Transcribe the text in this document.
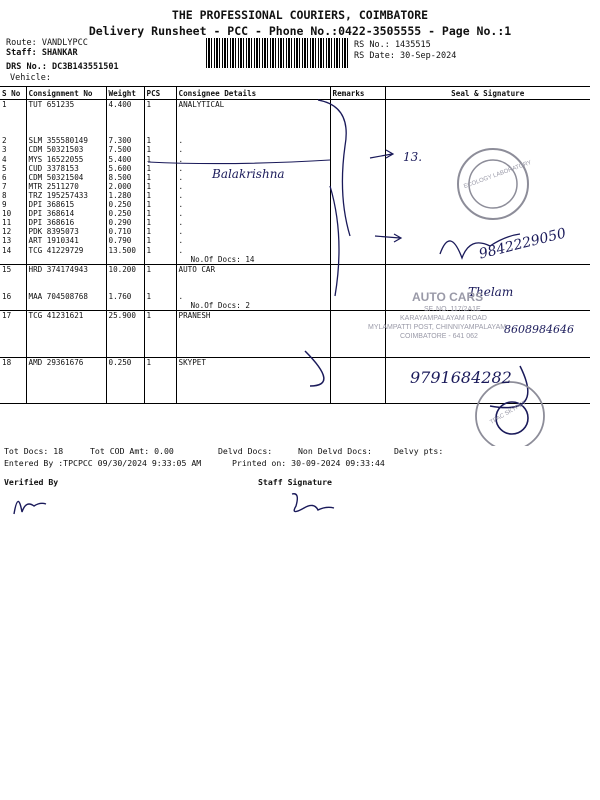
THE PROFESSIONAL COURIERS, COIMBATORE
Delivery Runsheet - PCC - Phone No.:0422-3505555 - Page No.:1
Route: VANDLYPCC
Staff: SHANKAR
DRS No.: DC3B143551501
Vehicle:
RS No.: 1435515
RS Date: 30-Sep-2024
S No	Consignment No	Weight	PCS	Consignee Details	Remarks	Seal & Signature
1	TUT 651235	4.400	1	ANALYTICAL		

2	SLM 355580149	7.300	1	.		
3	CDM 50321503	7.500	1	.		
4	MYS 16522055	5.400	1	.		
5	CUD 3378153	5.600	1	.		
6	CDM 50321504	8.500	1	.		
7	MTR 2511270	2.000	1	.		
8	TRZ 195257433	1.280	1	.		
9	DPI 368615	0.250	1	.		
10	DPI 368614	0.250	1	.		
11	DPI 368616	0.290	1	.		
12	PDK 8395073	0.710	1	.		
13	ART 1910341	0.790	1	.		
14	TCG 41229729	13.500	1	.		
				No.Of Docs: 14		
15	HRD 374174943	10.200	1	AUTO CAR		

16	MAA 704508768	1.760	1	.		
				No.Of Docs: 2		
17	TCG 41231621	25.900	1	PRANESH		

18	AMD 29361676	0.250	1	SKYPET		

Balakrishna
13.
9842229050
Thelam
8608984646
9791684282
ECOLOGY LABORATORY
AUTO CARS
SF. NO. 117/2A1E
KARAYAMPALAYAM ROAD
MYLAMPATTI POST, CHINNIYAMPALAYAM
COIMBATORE - 641 062
TPAC SKYPET
Tot Docs: 18	Tot COD Amt: 0.00	Delvd Docs:	Non Delvd Docs:	Delvy pts:
Entered By :TPCPCC 09/30/2024 9:33:05 AM	Printed on: 30-09-2024 09:33:44
Verified By	Staff Signature
